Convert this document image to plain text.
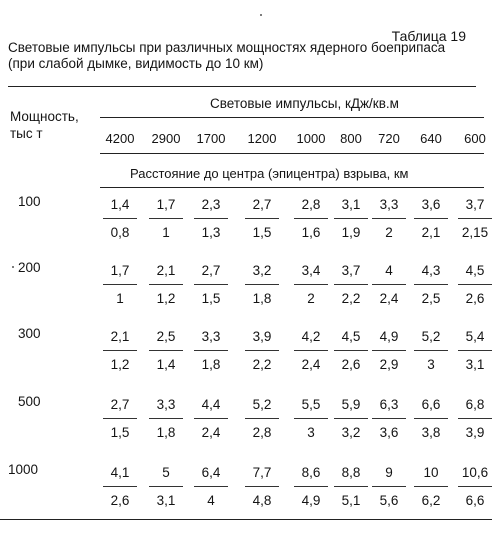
Таблица 19
Световые импульсы при различных мощностях ядерного боеприпаса
(при слабой дымке, видимость до 10 км)
Мощность,
тыс т
Световые импульсы, кДж/кв.м
4200 2900 1700 1200 1000 800 720 640 600
Расстояние до центра (эпицентра) взрыва, км
100	$\frac{1,4}{0,8} \frac{1,7}{1} \frac{2,3}{1,3} \frac{2,7}{1,5} \frac{2,8}{1,6} \frac{3,1}{1,9} \frac{3,3}{2} \frac{3,6}{2,1} \frac{3,7}{2,15}$
200	$\frac{1,7}{1} \frac{2,1}{1,2} \frac{2,7}{1,5} \frac{3,2}{1,8} \frac{3,4}{2} \frac{3,7}{2,2} \frac{4}{2,4} \frac{4,3}{2,5} \frac{4,5}{2,6}$
300	$\frac{2,1}{1,2} \frac{2,5}{1,4} \frac{3,3}{1,8} \frac{3,9}{2,2} \frac{4,2}{2,4} \frac{4,5}{2,6} \frac{4,9}{2,9} \frac{5,2}{3} \frac{5,4}{3,1}$
500	$\frac{2,7}{1,5} \frac{3,3}{1,8} \frac{4,4}{2,4} \frac{5,2}{2,8} \frac{5,5}{3} \frac{5,9}{3,2} \frac{6,3}{3,6} \frac{6,6}{3,8} \frac{6,8}{3,9}$
1000	$\frac{4,1}{2,6} \frac{5}{3,1} \frac{6,4}{4} \frac{7,7}{4,8} \frac{8,6}{4,9} \frac{8,8}{5,1} \frac{9}{5,6} \frac{10}{6,2} \frac{10,6}{6,6}$
